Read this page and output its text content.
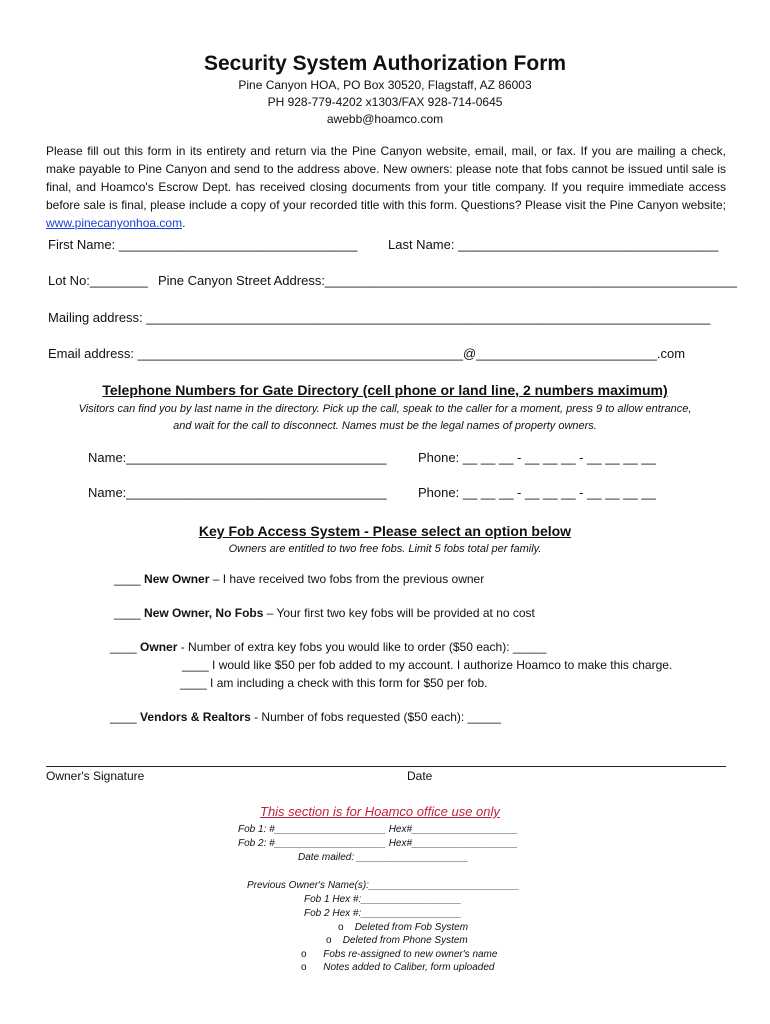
Security System Authorization Form
Pine Canyon HOA, PO Box 30520, Flagstaff, AZ 86003
PH 928-779-4202 x1303/FAX 928-714-0645
awebb@hoamco.com
Please fill out this form in its entirety and return via the Pine Canyon website, email, mail, or fax. If you are mailing a check, make payable to Pine Canyon and send to the address above. New owners: please note that fobs cannot be issued until sale is final, and Hoamco's Escrow Dept. has received closing documents from your title company. If you require immediate access before sale is final, please include a copy of your recorded title with this form. Questions? Please visit the Pine Canyon website; www.pinecanyonhoa.com.
First Name: _________________________________ Last Name: ____________________________________
Lot No:________ Pine Canyon Street Address:_________________________________________________________
Mailing address: ______________________________________________________________________________
Email address: _____________________________________________@_________________________.com
Telephone Numbers for Gate Directory (cell phone or land line, 2 numbers maximum)
Visitors can find you by last name in the directory. Pick up the call, speak to the caller for a moment, press 9 to allow entrance,
and wait for the call to disconnect. Names must be the legal names of property owners.
Name:____________________________________ Phone: __ __ __ - __ __ __ - __ __ __ __
Name:____________________________________ Phone: __ __ __ - __ __ __ - __ __ __ __
Key Fob Access System - Please select an option below
Owners are entitled to two free fobs. Limit 5 fobs total per family.
____ New Owner – I have received two fobs from the previous owner
____ New Owner, No Fobs – Your first two key fobs will be provided at no cost
____ Owner - Number of extra key fobs you would like to order ($50 each): _____
____ I would like $50 per fob added to my account. I authorize Hoamco to make this charge.
____ I am including a check with this form for $50 per fob.
____ Vendors & Realtors - Number of fobs requested ($50 each): _____
Owner's Signature	Date
This section is for Hoamco office use only
Fob 1: #____________________ Hex#___________________
Fob 2: #____________________ Hex#___________________
Date mailed: ____________________
Previous Owner's Name(s):___________________________
Fob 1 Hex #:__________________
Fob 2 Hex #:__________________
o Deleted from Fob System
o Deleted from Phone System
o Fobs re-assigned to new owner's name
o Notes added to Caliber, form uploaded
